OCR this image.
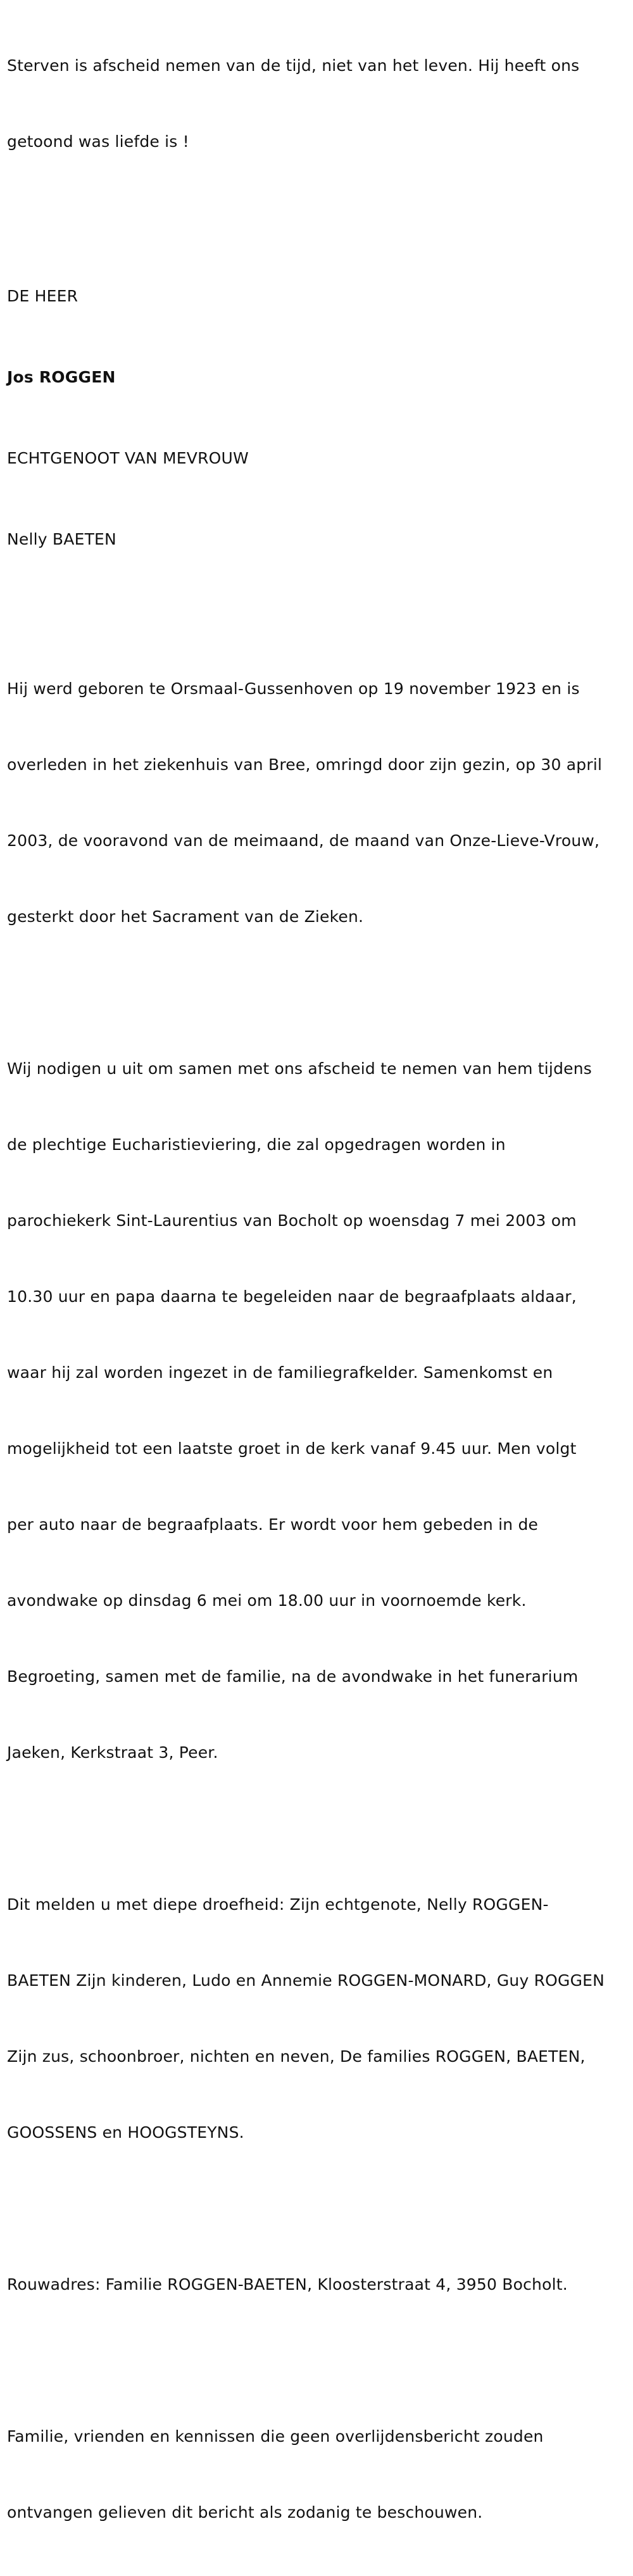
Sterven is afscheid nemen van de tijd, niet van het leven. Hij heeft ons

getoond was liefde is !

DE HEER

Jos ROGGEN

ECHTGENOOT VAN MEVROUW

Nelly BAETEN

Hij werd geboren te Orsmaal-Gussenhoven op 19 november 1923 en is

overleden in het ziekenhuis van Bree, omringd door zijn gezin, op 30 april

2003, de vooravond van de meimaand, de maand van Onze-Lieve-Vrouw,

gesterkt door het Sacrament van de Zieken.

Wij nodigen u uit om samen met ons afscheid te nemen van hem tijdens

de plechtige Eucharistieviering, die zal opgedragen worden in

parochiekerk Sint-Laurentius van Bocholt op woensdag 7 mei 2003 om

10.30 uur en papa daarna te begeleiden naar de begraafplaats aldaar,

waar hij zal worden ingezet in de familiegrafkelder. Samenkomst en

mogelijkheid tot een laatste groet in de kerk vanaf 9.45 uur. Men volgt

per auto naar de begraafplaats. Er wordt voor hem gebeden in de

avondwake op dinsdag 6 mei om 18.00 uur in voornoemde kerk.

Begroeting, samen met de familie, na de avondwake in het funerarium

Jaeken, Kerkstraat 3, Peer.

Dit melden u met diepe droefheid: Zijn echtgenote, Nelly ROGGEN-

BAETEN Zijn kinderen, Ludo en Annemie ROGGEN-MONARD, Guy ROGGEN

Zijn zus, schoonbroer, nichten en neven, De families ROGGEN, BAETEN,

GOOSSENS en HOOGSTEYNS.

Rouwadres: Familie ROGGEN-BAETEN, Kloosterstraat 4, 3950 Bocholt.

Familie, vrienden en kennissen die geen overlijdensbericht zouden

ontvangen gelieven dit bericht als zodanig te beschouwen.
